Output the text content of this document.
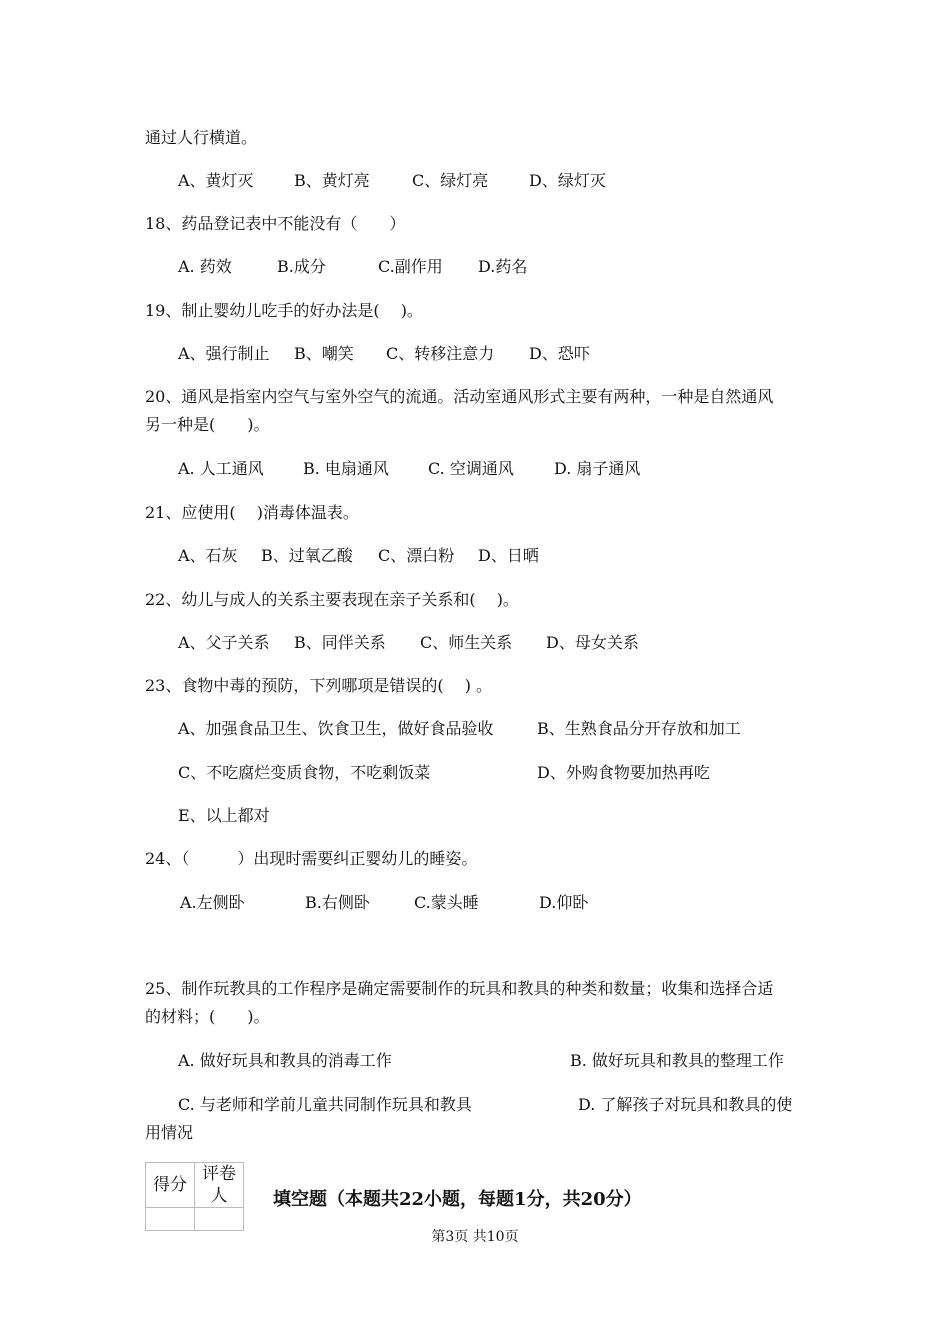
通过人行横道。
A、黄灯灭	B、黄灯亮	C、绿灯亮	D、绿灯灭
18、药品登记表中不能没有（　　）
A. 药效	B.成分	C.副作用 D.药名
19、制止婴幼儿吃手的好办法是(　 )。
A、强行制止 B、嘲笑 C、转移注意力 D、恐吓
20、通风是指室内空气与室外空气的流通。活动室通风形式主要有两种，一种是自然通风
另一种是(　　)。
A. 人工通风 B. 电扇通风 C. 空调通风	D. 扇子通风
21、应使用(　 )消毒体温表。
A、石灰 B、过氧乙酸 C、漂白粉 D、日晒
22、幼儿与成人的关系主要表现在亲子关系和(　 )。
A、父子关系 B、同伴关系 C、师生关系 D、母女关系
23、食物中毒的预防，下列哪项是错误的(　 ) 。
A、加强食品卫生、饮食卫生，做好食品验收	B、生熟食品分开存放和加工
C、不吃腐烂变质食物，不吃剩饭菜	D、外购食物要加热再吃
E、以上都对
24、（　　　）出现时需要纠正婴幼儿的睡姿。
A.左侧卧	B.右侧卧	C.蒙头睡	D.仰卧
25、制作玩教具的工作程序是确定需要制作的玩具和教具的种类和数量；收集和选择合适
的材料；(　　)。
A. 做好玩具和教具的消毒工作	B. 做好玩具和教具的整理工作
C. 与老师和学前儿童共同制作玩具和教具	D. 了解孩子对玩具和教具的使
用情况
得分	评卷人
		填空题（本题共22小题，每题1分，共20分）
第3页 共10页
